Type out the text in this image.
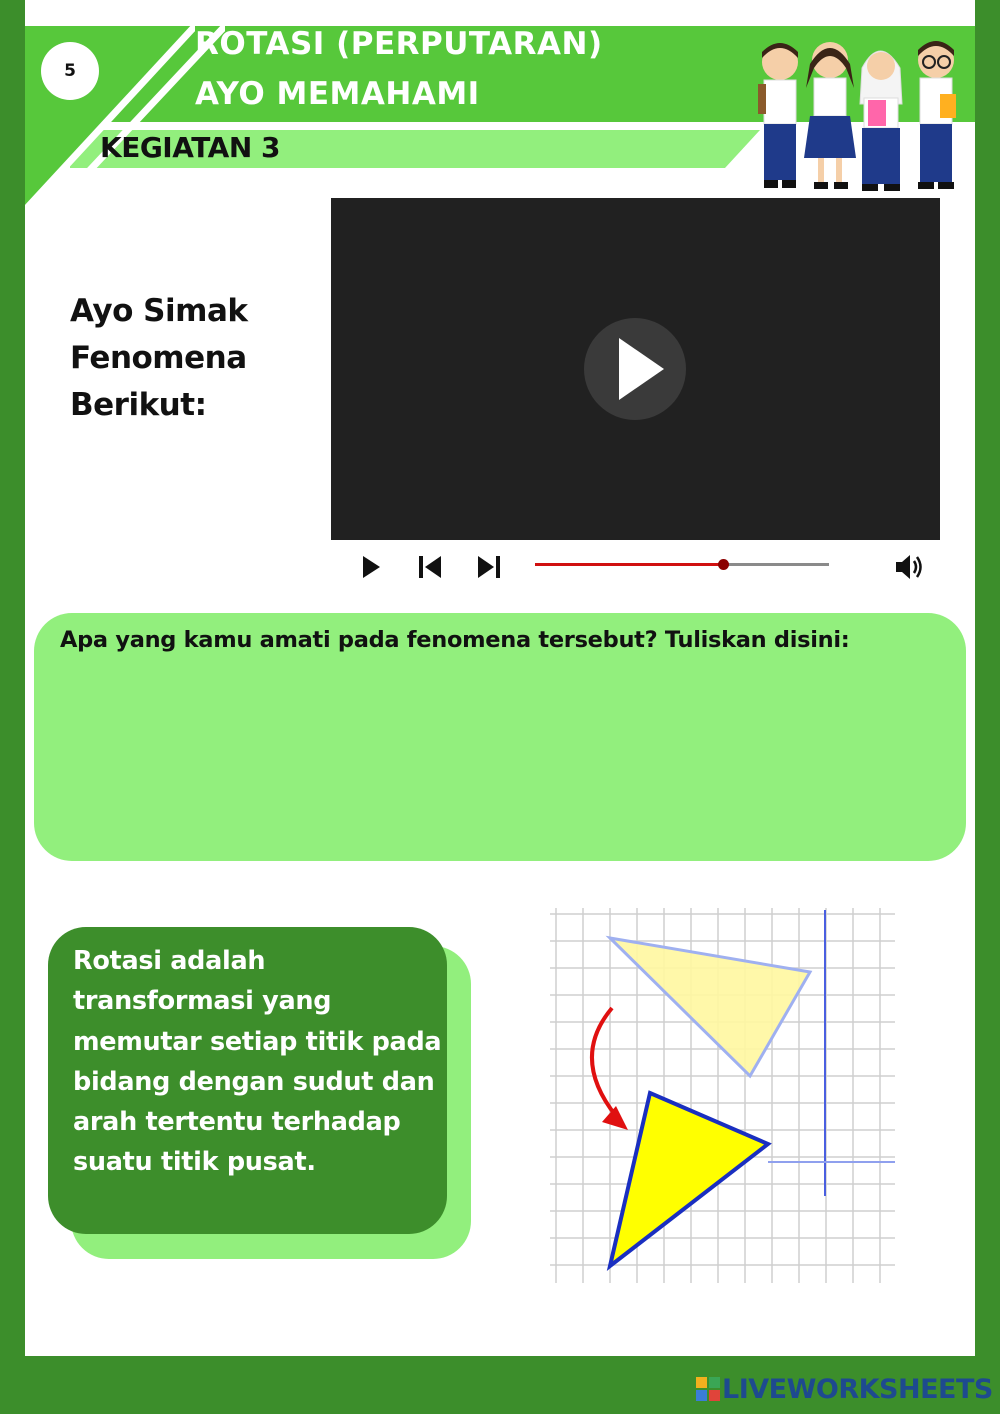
5
ROTASI (PERPUTARAN)
AYO MEMAHAMI
KEGIATAN 3
Ayo Simak
Fenomena
Berikut:
Apa yang kamu amati pada fenomena tersebut? Tuliskan disini:
Rotasi adalah transformasi yang memutar setiap titik pada bidang dengan sudut dan arah tertentu terhadap suatu titik pusat.
LIVEWORKSHEETS
